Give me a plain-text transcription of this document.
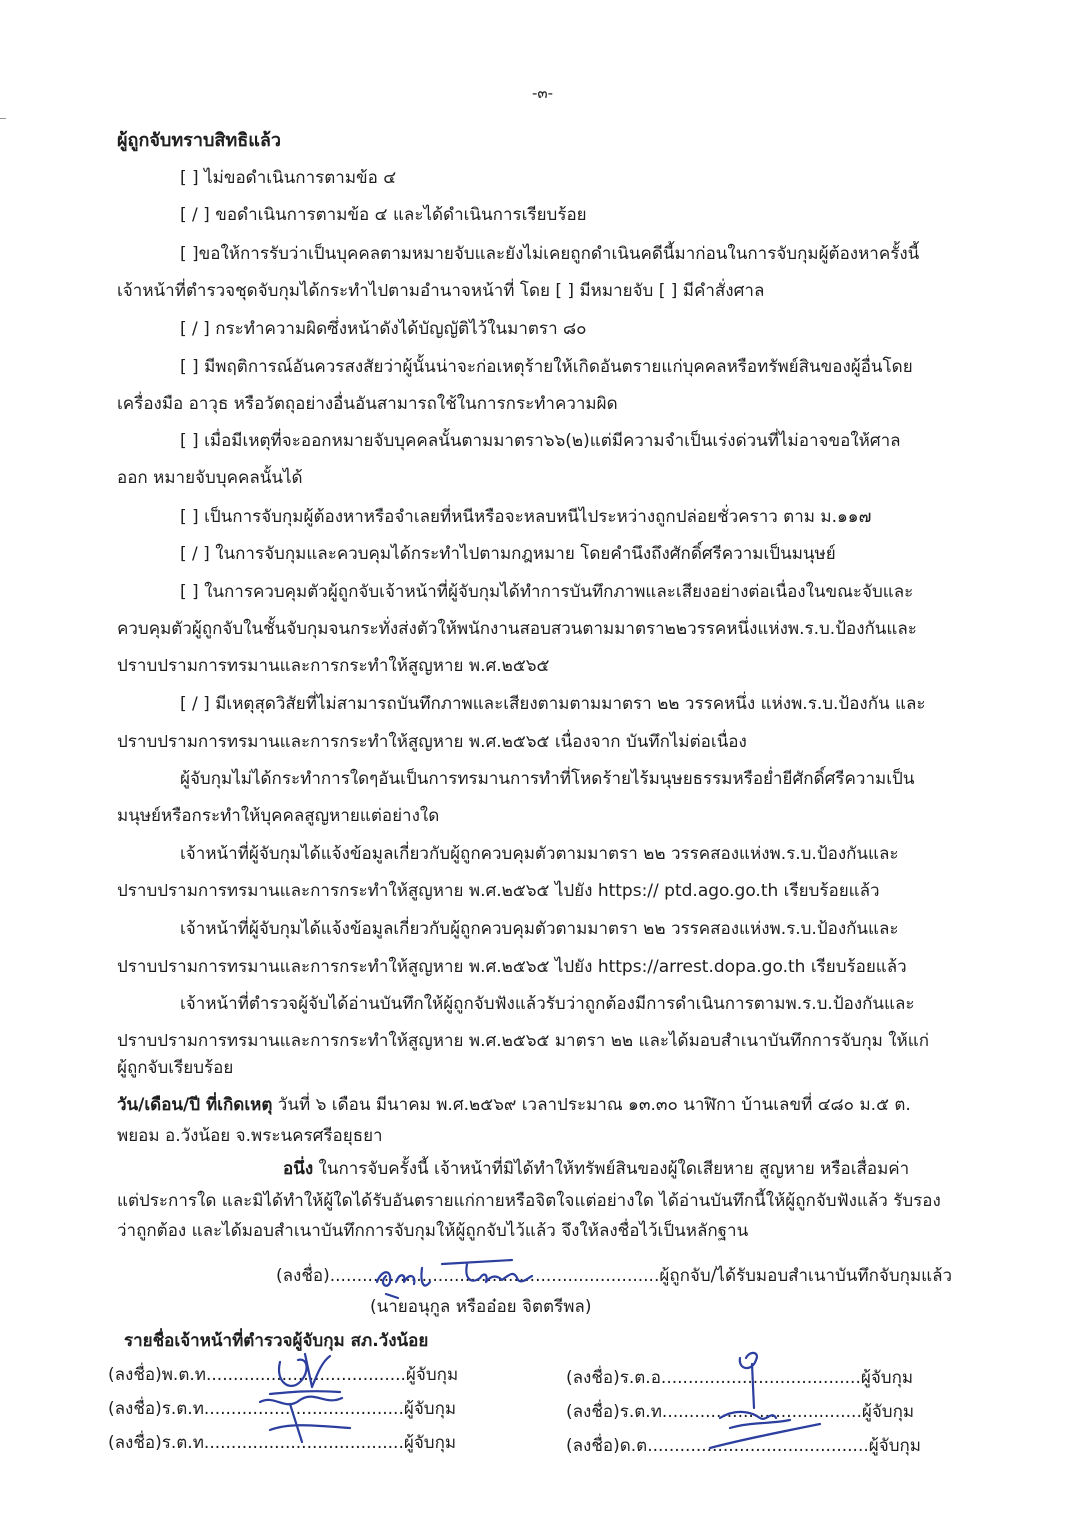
-๓-
ผู้ถูกจับทราบสิทธิแล้ว
[ ] ไม่ขอดำเนินการตามข้อ ๔
[ / ] ขอดำเนินการตามข้อ ๔ และได้ดำเนินการเรียบร้อย
[ ]ขอให้การรับว่าเป็นบุคคลตามหมายจับและยังไม่เคยถูกดำเนินคดีนี้มาก่อนในการจับกุมผู้ต้องหาครั้งนี้
เจ้าหน้าที่ตำรวจชุดจับกุมได้กระทำไปตามอำนาจหน้าที่ โดย [ ] มีหมายจับ [ ] มีคำสั่งศาล
[ / ] กระทำความผิดซึ่งหน้าดังได้บัญญัติไว้ในมาตรา ๘๐
[ ] มีพฤติการณ์อันควรสงสัยว่าผู้นั้นน่าจะก่อเหตุร้ายให้เกิดอันตรายแก่บุคคลหรือทรัพย์สินของผู้อื่นโดย
เครื่องมือ อาวุธ หรือวัตถุอย่างอื่นอันสามารถใช้ในการกระทำความผิด
[ ] เมื่อมีเหตุที่จะออกหมายจับบุคคลนั้นตามมาตรา๖๖(๒)แต่มีความจำเป็นเร่งด่วนที่ไม่อาจขอให้ศาล
ออก หมายจับบุคคลนั้นได้
[ ] เป็นการจับกุมผู้ต้องหาหรือจำเลยที่หนีหรือจะหลบหนีไประหว่างถูกปล่อยชั่วคราว ตาม ม.๑๑๗
[ / ] ในการจับกุมและควบคุมได้กระทำไปตามกฎหมาย โดยคำนึงถึงศักดิ์ศรีความเป็นมนุษย์
[ ] ในการควบคุมตัวผู้ถูกจับเจ้าหน้าที่ผู้จับกุมได้ทำการบันทึกภาพและเสียงอย่างต่อเนื่องในขณะจับและ
ควบคุมตัวผู้ถูกจับในชั้นจับกุมจนกระทั่งส่งตัวให้พนักงานสอบสวนตามมาตรา๒๒วรรคหนึ่งแห่งพ.ร.บ.ป้องกันและ
ปราบปรามการทรมานและการกระทำให้สูญหาย พ.ศ.๒๕๖๕
[ / ] มีเหตุสุดวิสัยที่ไม่สามารถบันทึกภาพและเสียงตามตามมาตรา ๒๒ วรรคหนึ่ง แห่งพ.ร.บ.ป้องกัน และ
ปราบปรามการทรมานและการกระทำให้สูญหาย พ.ศ.๒๕๖๕ เนื่องจาก บันทึกไม่ต่อเนื่อง
ผู้จับกุมไม่ได้กระทำการใดๆอันเป็นการทรมานการทำที่โหดร้ายไร้มนุษยธรรมหรือย่ำยีศักดิ์ศรีความเป็น
มนุษย์หรือกระทำให้บุคคลสูญหายแต่อย่างใด
เจ้าหน้าที่ผู้จับกุมได้แจ้งข้อมูลเกี่ยวกับผู้ถูกควบคุมตัวตามมาตรา ๒๒ วรรคสองแห่งพ.ร.บ.ป้องกันและ
ปราบปรามการทรมานและการกระทำให้สูญหาย พ.ศ.๒๕๖๕ ไปยัง https:// ptd.ago.go.th เรียบร้อยแล้ว
เจ้าหน้าที่ผู้จับกุมได้แจ้งข้อมูลเกี่ยวกับผู้ถูกควบคุมตัวตามมาตรา ๒๒ วรรคสองแห่งพ.ร.บ.ป้องกันและ
ปราบปรามการทรมานและการกระทำให้สูญหาย พ.ศ.๒๕๖๕ ไปยัง https://arrest.dopa.go.th เรียบร้อยแล้ว
เจ้าหน้าที่ตำรวจผู้จับได้อ่านบันทึกให้ผู้ถูกจับฟังแล้วรับว่าถูกต้องมีการดำเนินการตามพ.ร.บ.ป้องกันและ
ปราบปรามการทรมานและการกระทำให้สูญหาย พ.ศ.๒๕๖๕ มาตรา ๒๒ และได้มอบสำเนาบันทึกการจับกุม ให้แก่
ผู้ถูกจับเรียบร้อย
วัน/เดือน/ปี ที่เกิดเหตุ วันที่ ๖ เดือน มีนาคม พ.ศ.๒๕๖๙ เวลาประมาณ ๑๓.๓๐ นาฬิกา บ้านเลขที่ ๔๘๐ ม.๕ ต.
พยอม อ.วังน้อย จ.พระนครศรีอยุธยา
อนึ่ง ในการจับครั้งนี้ เจ้าหน้าที่มิได้ทำให้ทรัพย์สินของผู้ใดเสียหาย สูญหาย หรือเสื่อมค่า
แต่ประการใด และมิได้ทำให้ผู้ใดได้รับอันตรายแก่กายหรือจิตใจแต่อย่างใด ได้อ่านบันทึกนี้ให้ผู้ถูกจับฟังแล้ว รับรอง
ว่าถูกต้อง และได้มอบสำเนาบันทึกการจับกุมให้ผู้ถูกจับไว้แล้ว จึงให้ลงชื่อไว้เป็นหลักฐาน
(ลงชื่อ).............................................................ผู้ถูกจับ/ได้รับมอบสำเนาบันทึกจับกุมแล้ว
(นายอนุกูล หรืออ๋อย จิตตรีพล)
รายชื่อเจ้าหน้าที่ตำรวจผู้จับกุม สภ.วังน้อย
(ลงชื่อ)พ.ต.ท.....................................ผู้จับกุม
(ลงชื่อ)ร.ต.ท.....................................ผู้จับกุม
(ลงชื่อ)ร.ต.ท.....................................ผู้จับกุม
(ลงชื่อ)ร.ต.อ.....................................ผู้จับกุม
(ลงชื่อ)ร.ต.ท.....................................ผู้จับกุม
(ลงชื่อ)ด.ต.........................................ผู้จับกุม
